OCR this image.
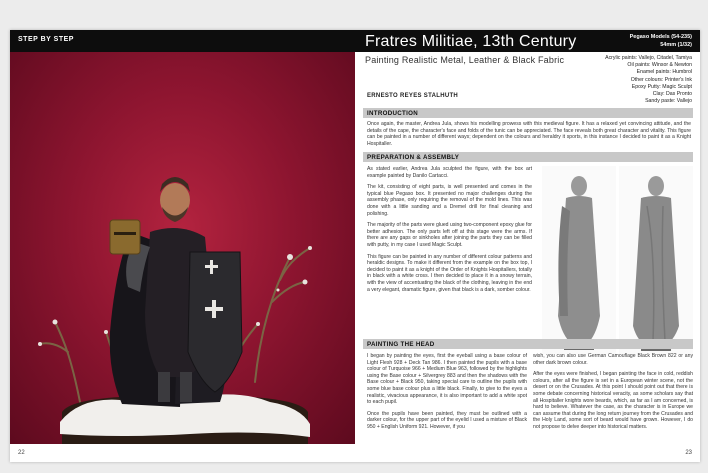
STEP BY STEP
22
Fratres Militiae, 13th Century	Pegaso Models (54-235)
54mm (1/32)
Painting Realistic Metal, Leather & Black Fabric	Acrylic paints: Vallejo, Citadel, Tamiya
Oil paints: Winsor & Newton
Enamel paints: Humbrol
Other colours: Printer's Ink
Epoxy Putty: Magic Sculpt
Clay: Das Pronto
Sandy paste: Vallejo
ERNESTO REYES STALHUTH
INTRODUCTION

Once again, the master, Andrea Jula, shows his modelling prowess with this medieval figure. It has a relaxed yet convincing attitude, and the details of the cape, the character's face and folds of the tunic can be appreciated. The face reveals both great character and vitality. This figure can be painted in a number of different ways; dependent on the colours and heraldry it sports, in this instance I decided to paint it as a Knight Hospitaller.

PREPARATION & ASSEMBLY

As stated earlier, Andrea Jula sculpted the figure, with the box art example painted by Danilo Cartacci.

The kit, consisting of eight parts, is well presented and comes in the typical blue Pegaso box. It presented no major challenges during the assembly phase, only requiring the removal of the mold lines. This was done with a little sanding and a Dremel drill for final cleaning and polishing.

The majority of the parts were glued using two-component epoxy glue for better adhesion. The only parts left off at this stage were the arms. If there are any gaps or sinkholes after joining the parts they can be filled with putty, in my case I used Magic Sculpt.

This figure can be painted in any number of different colour patterns and heraldic designs. To make it different from the example on the box top, I decided to paint it as a knight of the Order of Knights Hospitallers, totally in black with a white cross. I then decided to place it in a snowy terrain, with the view of accentuating the black of the clothing, leaving in the end a very elegant, dramatic figure, given that black is a dark, somber colour.

PAINTING THE HEAD

I began by painting the eyes, first the eyeball using a base colour of Light Flesh 928 + Deck Tan 986. I then painted the pupils with a base colour of Turquoise 966 + Medium Blue 963, followed by the highlights using the Base colour + Silvergrey 883 and then the shadows with the Base colour + Black 950, taking special care to outline the pupils with some blue base colour plus a little black. Finally, to give to the eyes a realistic, vivacious appearance, it is also important to add a white spot to each pupil.

Once the pupils have been painted, they must be outlined with a darker colour, for the upper part of the eyelid I used a mixture of Black 950 + English Uniform 921. However, if you

wish, you can also use German Camouflage Black Brown 822 or any other dark brown colour.

After the eyes were finished, I began painting the face in cold, reddish colours, after all the figure is set in a European winter scene, not the desert or on the Crusades. At this point I should point out that there is some debate concerning historical veracity, as some scholars say that all Hospitaller knights wore beards, which, as far as I am concerned, is hard to believe. Whatever the case, as the character is in Europe we can assume that during the long return journey from the Crusades and the Holy Land, some sort of beard would have grown. However, I do not propose to delve deeper into historical matters.

23
